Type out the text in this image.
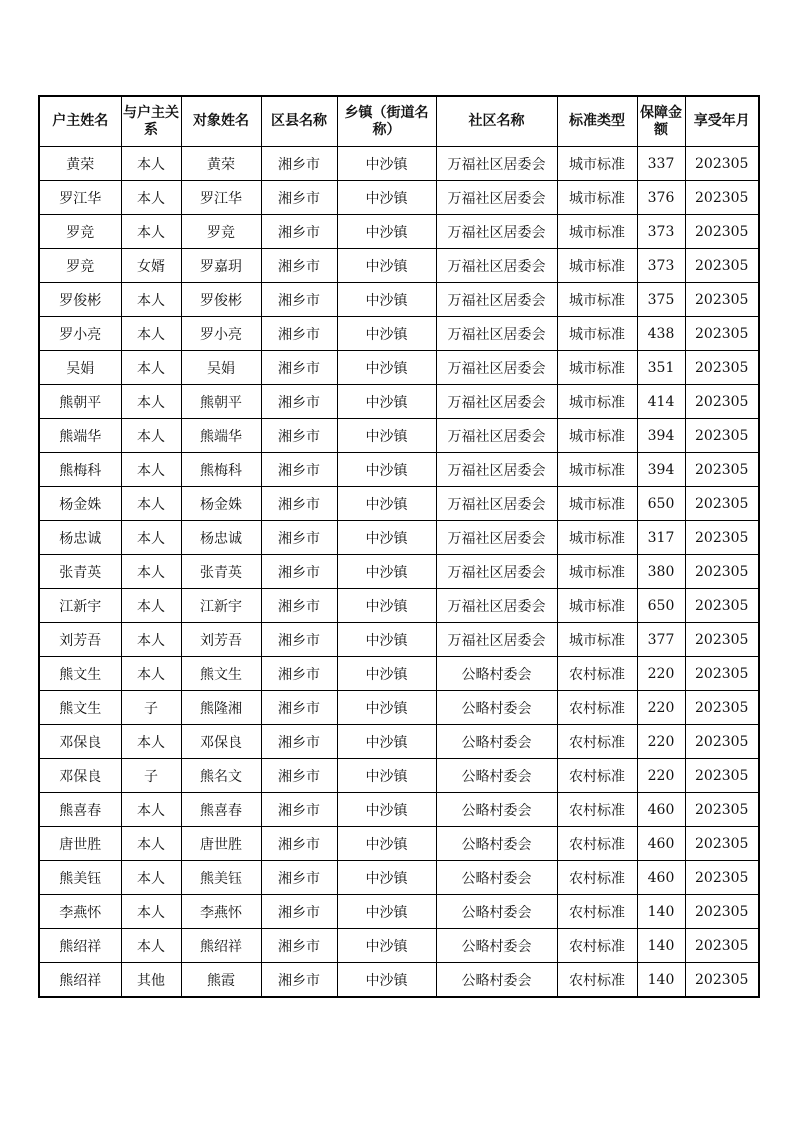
户主姓名	与户主关系	对象姓名	区县名称	乡镇（街道名称）	社区名称	标准类型	保障金额	享受年月
黄荣	本人	黄荣	湘乡市	中沙镇	万福社区居委会	城市标准	337	202305
罗江华	本人	罗江华	湘乡市	中沙镇	万福社区居委会	城市标准	376	202305
罗竞	本人	罗竞	湘乡市	中沙镇	万福社区居委会	城市标准	373	202305
罗竞	女婿	罗嘉玥	湘乡市	中沙镇	万福社区居委会	城市标准	373	202305
罗俊彬	本人	罗俊彬	湘乡市	中沙镇	万福社区居委会	城市标准	375	202305
罗小亮	本人	罗小亮	湘乡市	中沙镇	万福社区居委会	城市标准	438	202305
吴娟	本人	吴娟	湘乡市	中沙镇	万福社区居委会	城市标准	351	202305
熊朝平	本人	熊朝平	湘乡市	中沙镇	万福社区居委会	城市标准	414	202305
熊端华	本人	熊端华	湘乡市	中沙镇	万福社区居委会	城市标准	394	202305
熊梅科	本人	熊梅科	湘乡市	中沙镇	万福社区居委会	城市标准	394	202305
杨金姝	本人	杨金姝	湘乡市	中沙镇	万福社区居委会	城市标准	650	202305
杨忠诚	本人	杨忠诚	湘乡市	中沙镇	万福社区居委会	城市标准	317	202305
张青英	本人	张青英	湘乡市	中沙镇	万福社区居委会	城市标准	380	202305
江新宇	本人	江新宇	湘乡市	中沙镇	万福社区居委会	城市标准	650	202305
刘芳吾	本人	刘芳吾	湘乡市	中沙镇	万福社区居委会	城市标准	377	202305
熊文生	本人	熊文生	湘乡市	中沙镇	公略村委会	农村标准	220	202305
熊文生	子	熊隆湘	湘乡市	中沙镇	公略村委会	农村标准	220	202305
邓保良	本人	邓保良	湘乡市	中沙镇	公略村委会	农村标准	220	202305
邓保良	子	熊名文	湘乡市	中沙镇	公略村委会	农村标准	220	202305
熊喜春	本人	熊喜春	湘乡市	中沙镇	公略村委会	农村标准	460	202305
唐世胜	本人	唐世胜	湘乡市	中沙镇	公略村委会	农村标准	460	202305
熊美钰	本人	熊美钰	湘乡市	中沙镇	公略村委会	农村标准	460	202305
李燕怀	本人	李燕怀	湘乡市	中沙镇	公略村委会	农村标准	140	202305
熊绍祥	本人	熊绍祥	湘乡市	中沙镇	公略村委会	农村标准	140	202305
熊绍祥	其他	熊霞	湘乡市	中沙镇	公略村委会	农村标准	140	202305
